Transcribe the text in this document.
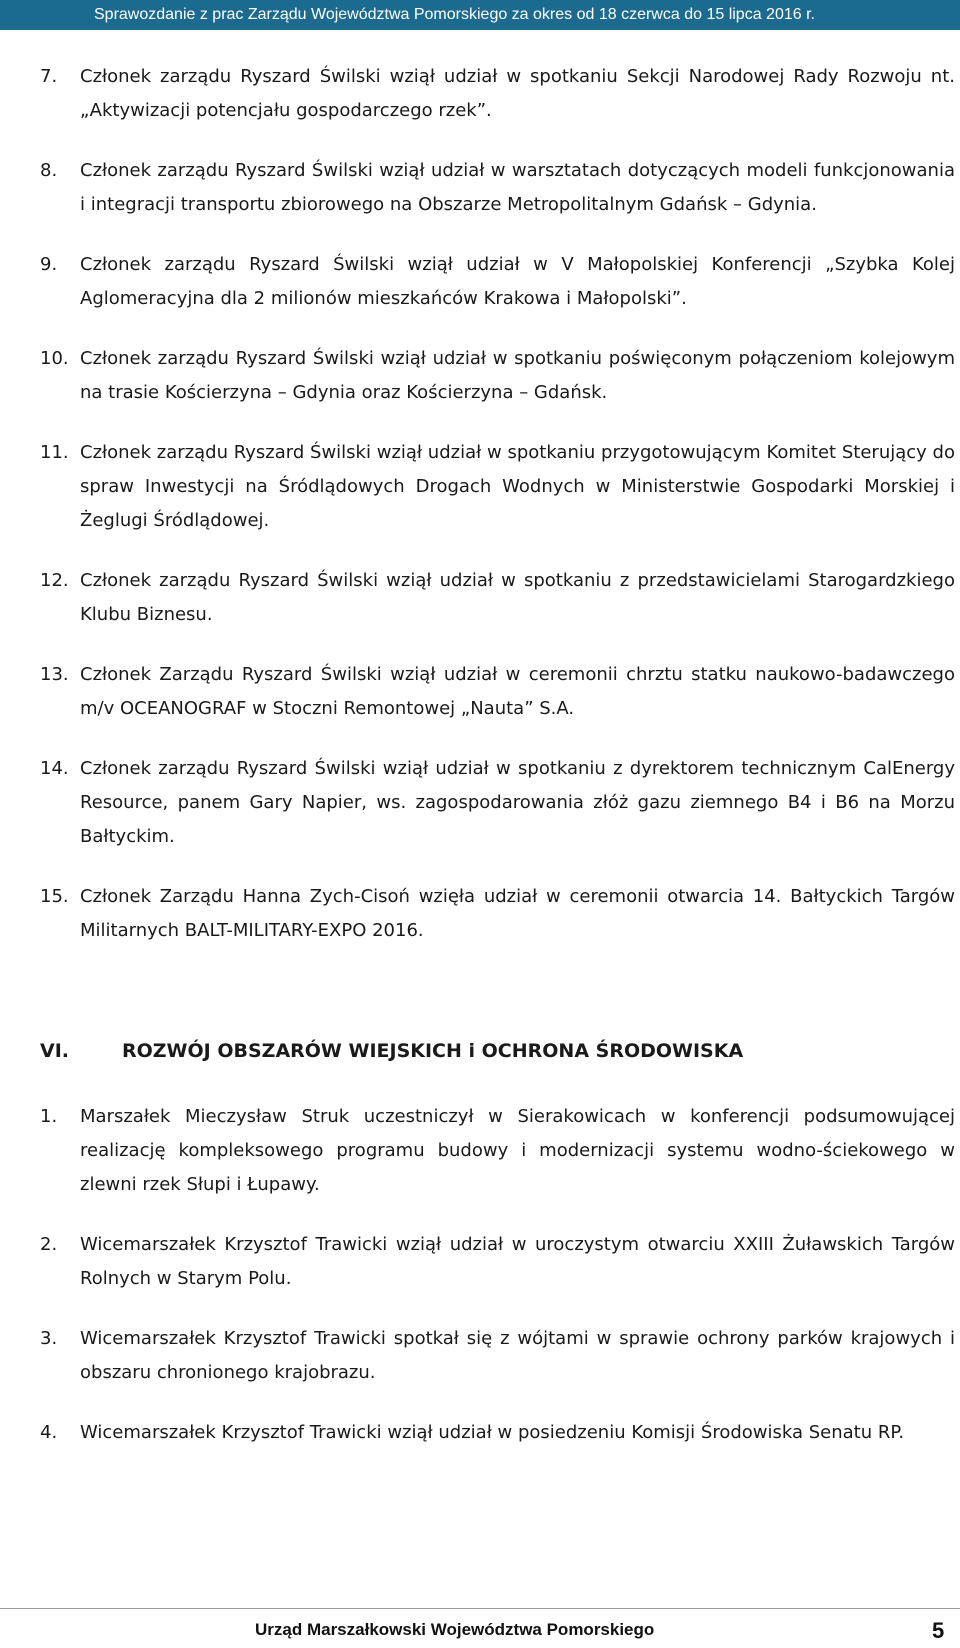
Sprawozdanie z prac Zarządu Województwa Pomorskiego za okres od 18 czerwca do 15 lipca 2016 r.
7. Członek zarządu Ryszard Świlski wziął udział w spotkaniu Sekcji Narodowej Rady Rozwoju nt. „Aktywizacji potencjału gospodarczego rzek”.
8. Członek zarządu Ryszard Świlski wziął udział w warsztatach dotyczących modeli funkcjonowania i integracji transportu zbiorowego na Obszarze Metropolitalnym Gdańsk – Gdynia.
9. Członek zarządu Ryszard Świlski wziął udział w V Małopolskiej Konferencji „Szybka Kolej Aglomeracyjna dla 2 milionów mieszkańców Krakowa i Małopolski”.
10. Członek zarządu Ryszard Świlski wziął udział w spotkaniu poświęconym połączeniom kolejowym na trasie Kościerzyna – Gdynia oraz Kościerzyna – Gdańsk.
11. Członek zarządu Ryszard Świlski wziął udział w spotkaniu przygotowującym Komitet Sterujący do spraw Inwestycji na Śródlądowych Drogach Wodnych w Ministerstwie Gospodarki Morskiej i Żeglugi Śródlądowej.
12. Członek zarządu Ryszard Świlski wziął udział w spotkaniu z przedstawicielami Starogardzkiego Klubu Biznesu.
13. Członek Zarządu Ryszard Świlski wziął udział w ceremonii chrztu statku naukowo-badawczego m/v OCEANOGRAF w Stoczni Remontowej „Nauta” S.A.
14. Członek zarządu Ryszard Świlski wziął udział w spotkaniu z dyrektorem technicznym CalEnergy Resource, panem Gary Napier, ws. zagospodarowania złóż gazu ziemnego B4 i B6 na Morzu Bałtyckim.
15. Członek Zarządu Hanna Zych-Cisoń wzięła udział w ceremonii otwarcia 14. Bałtyckich Targów Militarnych BALT-MILITARY-EXPO 2016.
VI.	ROZWÓJ OBSZARÓW WIEJSKICH i OCHRONA ŚRODOWISKA
1. Marszałek Mieczysław Struk uczestniczył w Sierakowicach w konferencji podsumowującej realizację kompleksowego programu budowy i modernizacji systemu wodno-ściekowego w zlewni rzek Słupi i Łupawy.
2. Wicemarszałek Krzysztof Trawicki wziął udział w uroczystym otwarciu XXIII Żuławskich Targów Rolnych w Starym Polu.
3. Wicemarszałek Krzysztof Trawicki spotkał się z wójtami w sprawie ochrony parków krajowych i obszaru chronionego krajobrazu.
4. Wicemarszałek Krzysztof Trawicki wziął udział w posiedzeniu Komisji Środowiska Senatu RP.
Urząd Marszałkowski Województwa Pomorskiego	5
